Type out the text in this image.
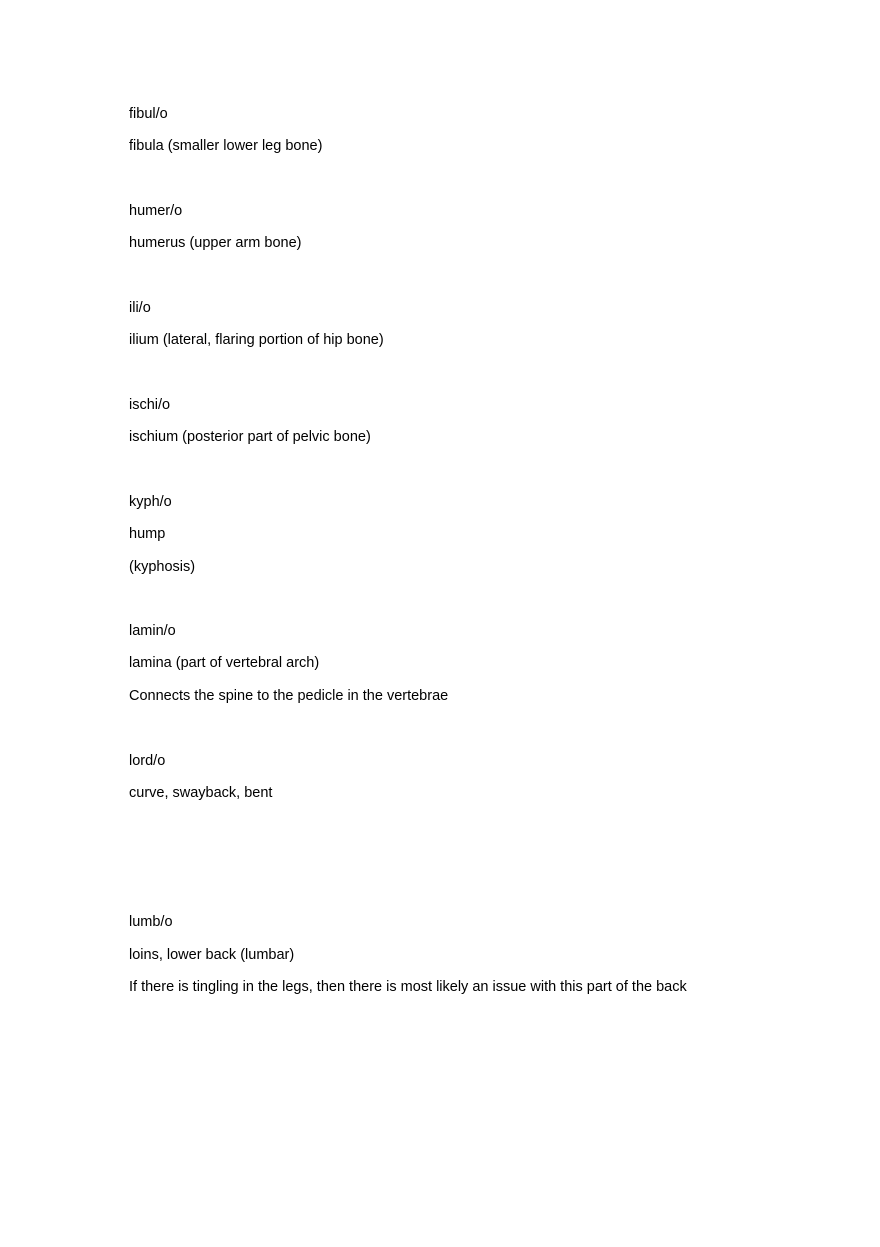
fibul/o
fibula (smaller lower leg bone)
humer/o
humerus (upper arm bone)
ili/o
ilium (lateral, flaring portion of hip bone)
ischi/o
ischium (posterior part of pelvic bone)
kyph/o
hump
(kyphosis)
lamin/o
lamina (part of vertebral arch)
Connects the spine to the pedicle in the vertebrae
lord/o
curve, swayback, bent
lumb/o
loins, lower back (lumbar)
If there is tingling in the legs, then there is most likely an issue with this part of the back
